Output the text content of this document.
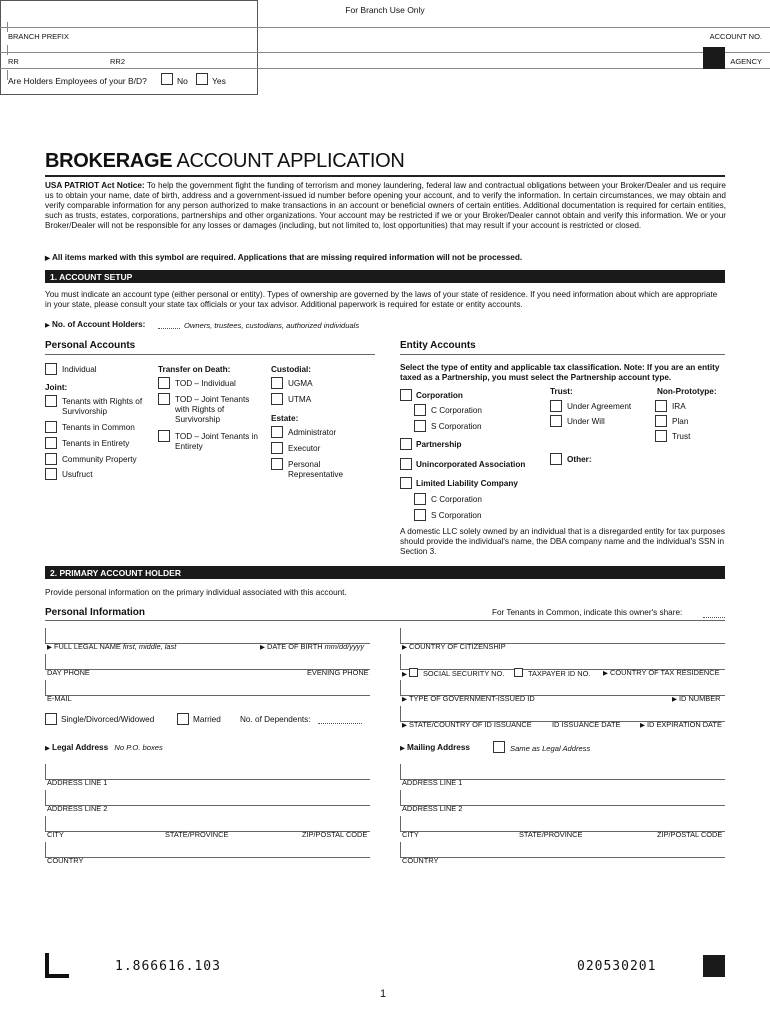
For Branch Use Only
BRANCH PREFIX	ACCOUNT NO.
RR	RR2	AGENCY
Are Holders Employees of your B/D?	No	Yes
BROKERAGE ACCOUNT APPLICATION
USA PATRIOT Act Notice: To help the government fight the funding of terrorism and money laundering, federal law and contractual obligations between your Broker/Dealer and us require us to obtain your name, date of birth, address and a government-issued id number before opening your account, and to verify the information. In certain circumstances, we may obtain and verify comparable information for any person authorized to make transactions in an account or beneficial owners of certain entities. Additional documentation is required for certain entities, such as trusts, estates, corporations, partnerships and other organizations. Your account may be restricted if we or your Broker/Dealer cannot obtain and verify this information. We or your Broker/Dealer will not be responsible for any losses or damages (including, but not limited to, lost opportunities) that may result if your account is restricted or closed.
▶ All items marked with this symbol are required. Applications that are missing required information will not be processed.
1. ACCOUNT SETUP
You must indicate an account type (either personal or entity). Types of ownership are governed by the laws of your state of residence. If you need information about which are appropriate in your state, please consult your state tax officials or your tax advisor. Additional paperwork is required for estate or entity accounts.
▶ No. of Account Holders:	Owners, trustees, custodians, authorized individuals
Personal Accounts	Entity Accounts
Individual
Joint:
Tenants with Rights of Survivorship
Tenants in Common
Tenants in Entirety
Community Property
Usufruct
Transfer on Death:
TOD – Individual
TOD – Joint Tenants with Rights of Survivorship
TOD – Joint Tenants in Entirety
Custodial:
UGMA
UTMA
Estate:
Administrator
Executor
Personal Representative
Select the type of entity and applicable tax classification. Note: If you are an entity taxed as a Partnership, you must select the Partnership account type.
Corporation
C Corporation
S Corporation
Partnership
Unincorporated Association
Limited Liability Company
C Corporation
S Corporation
Trust:
Under Agreement
Under Will
Other:
Non-Prototype:
IRA
Plan
Trust
A domestic LLC solely owned by an individual that is a disregarded entity for tax purposes should provide the individual's name, the DBA company name and the individual's SSN in Section 3.
2. PRIMARY ACCOUNT HOLDER
Provide personal information on the primary individual associated with this account.
Personal Information	For Tenants in Common, indicate this owner's share:
▶ FULL LEGAL NAME first, middle, last	▶ DATE OF BIRTH mm/dd/yyyy
DAY PHONE	EVENING PHONE
E-MAIL
Single/Divorced/Widowed	Married No. of Dependents:
▶ Legal Address No P.O. boxes
ADDRESS LINE 1
ADDRESS LINE 2
CITY	STATE/PROVINCE	ZIP/POSTAL CODE
COUNTRY
▶ COUNTRY OF CITIZENSHIP
▶ SOCIAL SECURITY NO.	TAXPAYER ID NO. ▶ COUNTRY OF TAX RESIDENCE
▶ TYPE OF GOVERNMENT-ISSUED ID	▶ ID NUMBER
▶ STATE/COUNTRY OF ID ISSUANCE	ID ISSUANCE DATE	▶ ID EXPIRATION DATE
▶ Mailing Address	Same as Legal Address
ADDRESS LINE 1
ADDRESS LINE 2
CITY	STATE/PROVINCE	ZIP/POSTAL CODE
COUNTRY
1.866616.103	020530201
1
